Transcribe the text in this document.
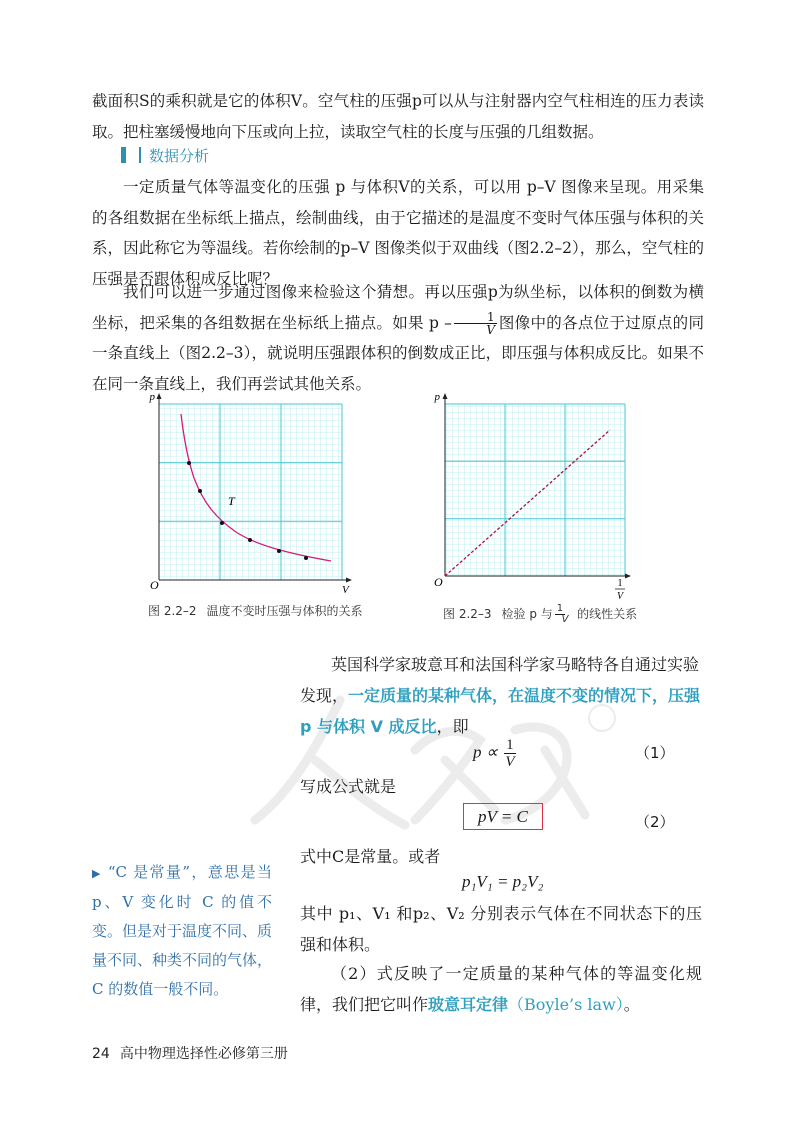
截面积S的乘积就是它的体积V。空气柱的压强p可以从与注射器内空气柱相连的压力表读取。 把柱塞缓慢地向下压或向上拉，读取空气柱的长度与压强的几组数据。

数据分析

一定质量气体等温变化的压强 p 与体积V的关系，可以用 p–V 图像来呈现。用采集的各组数据在坐标纸上描点，绘制曲线，由于它描述的是温度不变时气体压强与体积的关系，因此称它为等温线。若你绘制的p–V 图像类似于双曲线（图2.2–2），那么，空气柱的压强是否跟体积成反比呢？

我们可以进一步通过图像来检验这个猜想。再以压强p为纵坐标，以体积的倒数为横坐标，把采集的各组数据在坐标纸上描点。如果 p – $\frac{1}{V}$ 图像中的各点位于过原点的同一条直线上（图2.2–3），就说明压强跟体积的倒数成正比，即压强与体积成反比。如果不在同一条直线上，我们再尝试其他关系。

T
p
V
O
图 2.2–2 温度不变时压强与体积的关系
p
O	1
V
图 2.2–3 检验 p 与 $\frac{1}{V}$ 的线性关系

英国科学家玻意耳和法国科学家马略特各自通过实验发现，一定质量的某种气体，在温度不变的情况下，压强 p 与体积 V 成反比，即

$p \propto \frac{1}{V}$	（1）

写成公式就是

pV = C	（2）

式中C是常量。或者

p₁V₁ = p₂V₂

其中 p₁、V₁ 和p₂、V₂ 分别表示气体在不同状态下的压强和体积。

（2）式反映了一定质量的某种气体的等温变化规律，我们把它叫作玻意耳定律（Boyle’s law）。

▶ “C 是常量”，意思是当 p、V 变化时 C 的值不变。但是对于温度不同、质量不同、种类不同的气体，C 的数值一般不同。
24 高中物理选择性必修第三册
